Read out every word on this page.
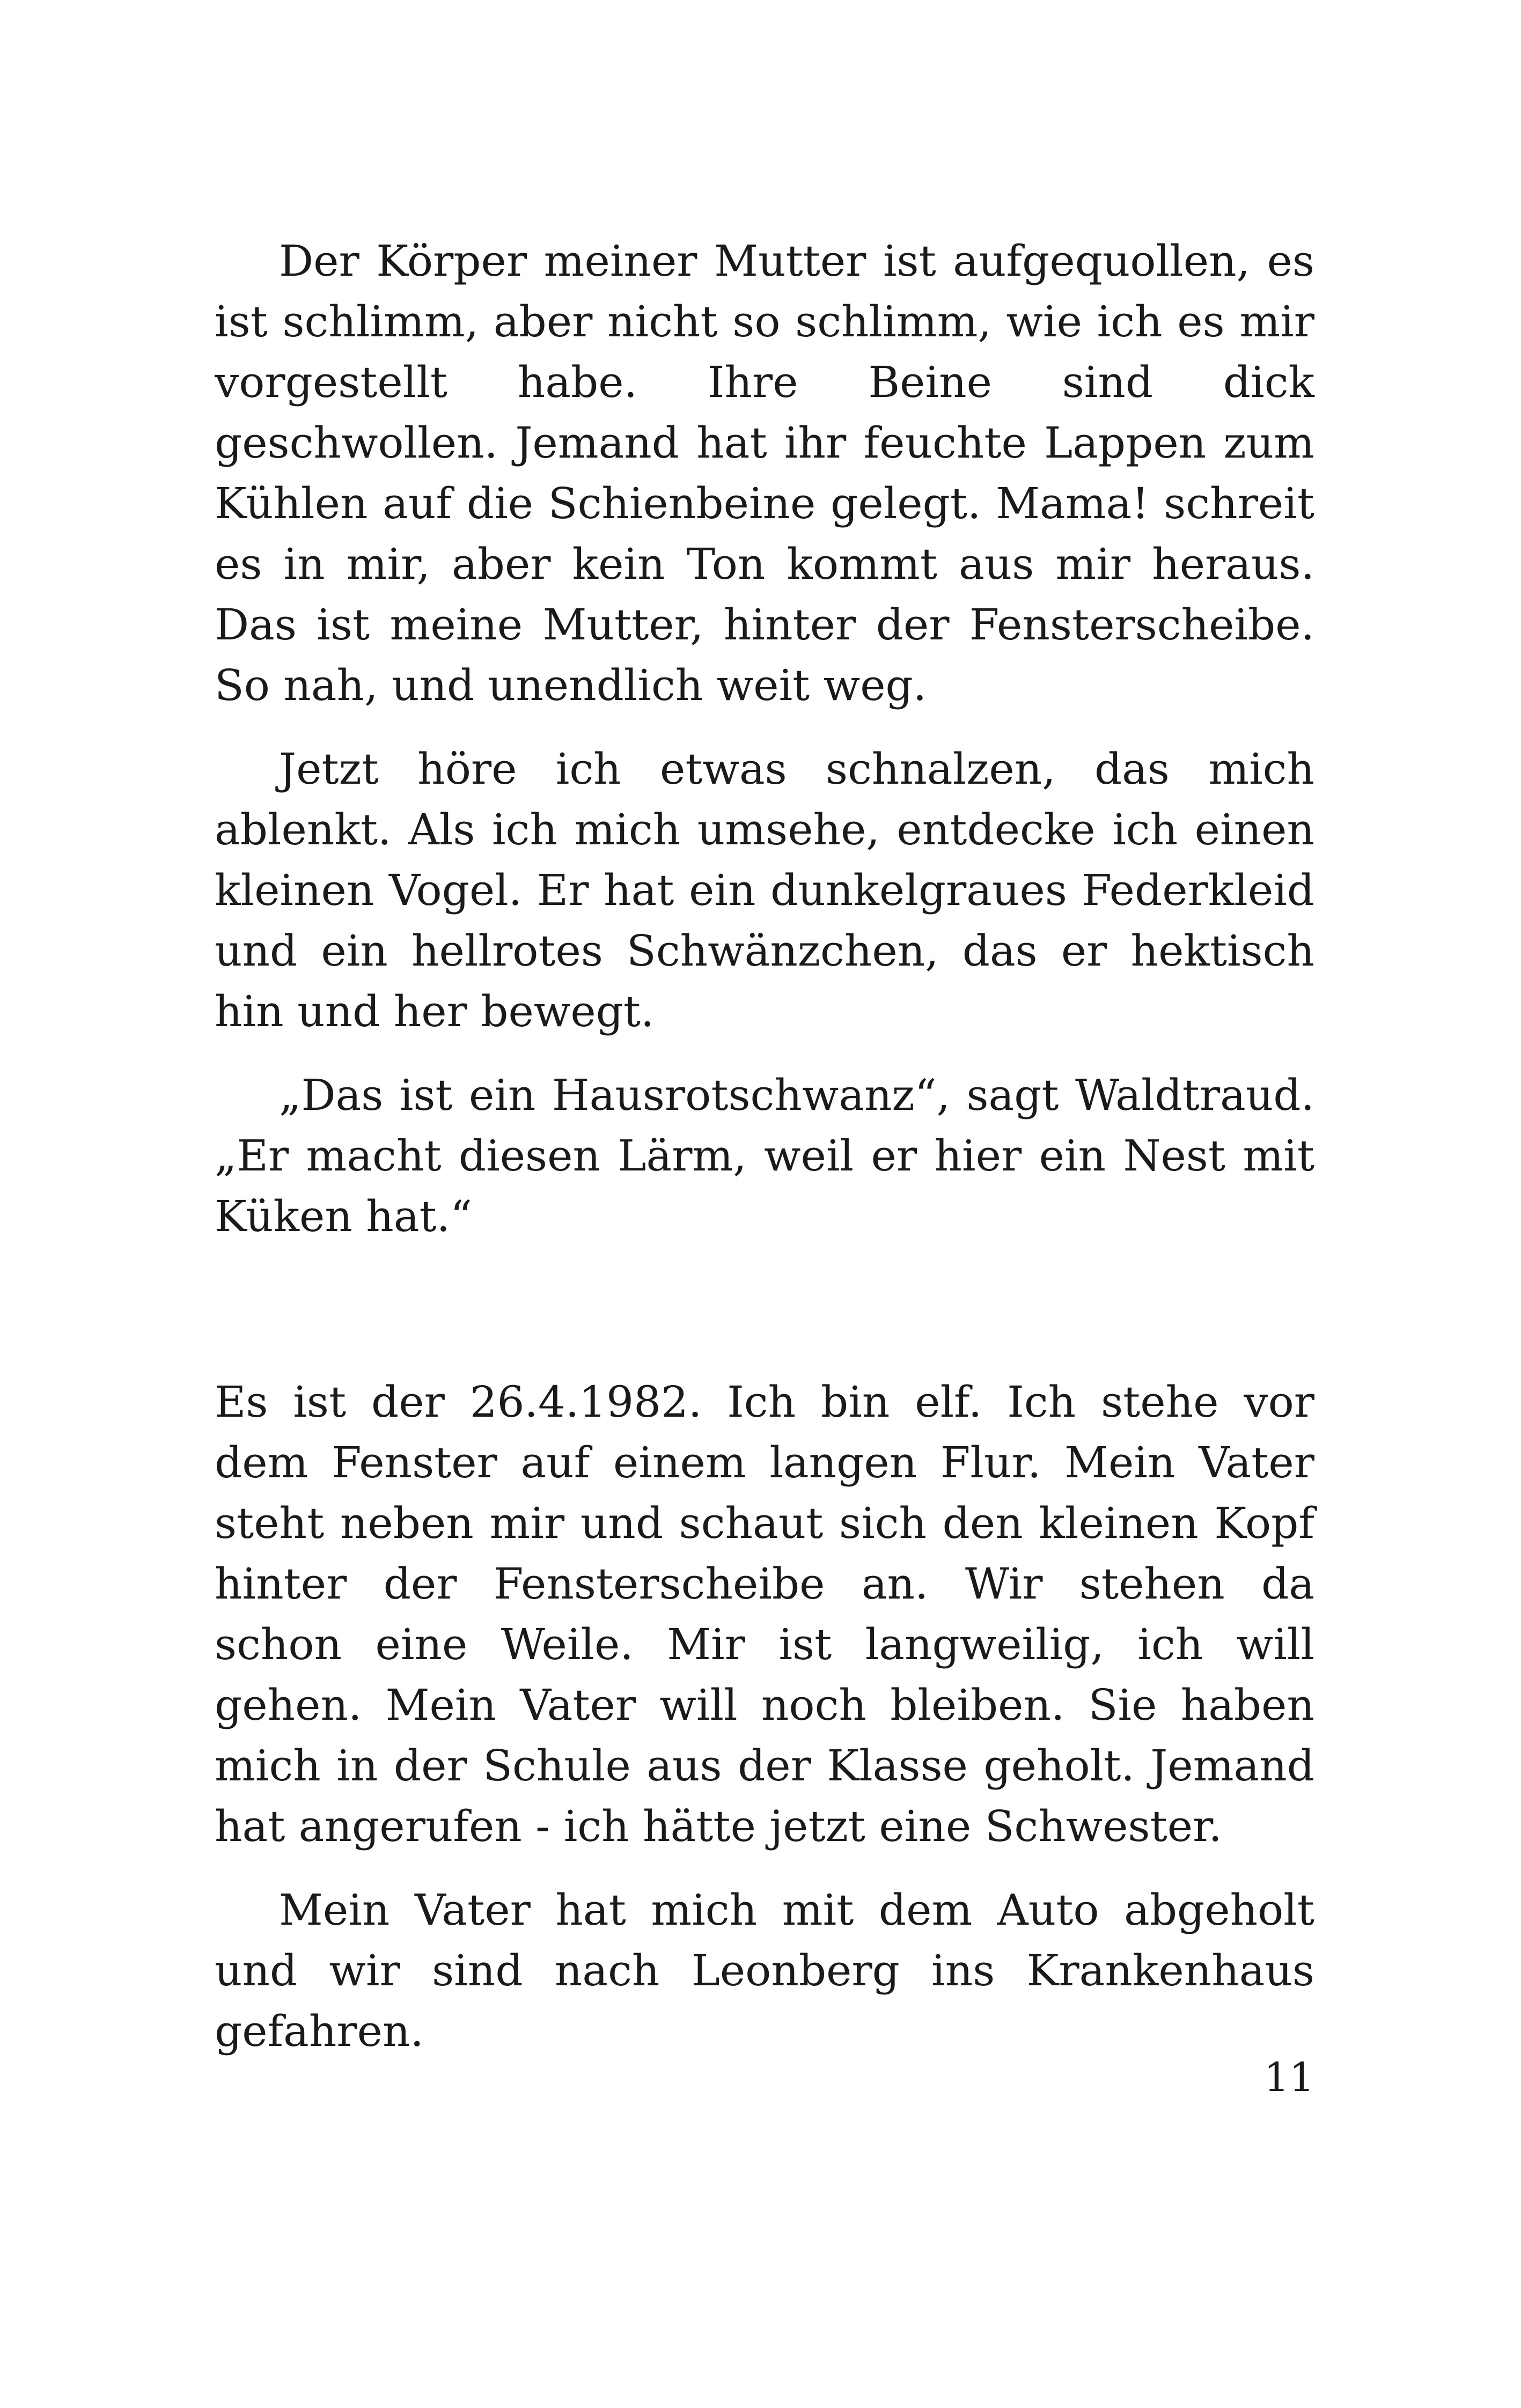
Der Körper meiner Mutter ist aufgequollen, es ist schlimm, aber nicht so schlimm, wie ich es mir vorgestellt habe. Ihre Beine sind dick geschwollen. Jemand hat ihr feuchte Lappen zum Kühlen auf die Schienbeine gelegt. Mama! schreit es in mir, aber kein Ton kommt aus mir heraus. Das ist meine Mutter, hinter der Fensterscheibe. So nah, und unendlich weit weg.

Jetzt höre ich etwas schnalzen, das mich ablenkt. Als ich mich umsehe, entdecke ich einen kleinen Vogel. Er hat ein dunkelgraues Federkleid und ein hellrotes Schwänzchen, das er hektisch hin und her bewegt.

„Das ist ein Hausrotschwanz“, sagt Waldtraud. „Er macht diesen Lärm, weil er hier ein Nest mit Küken hat.“

Es ist der 26.4.1982. Ich bin elf. Ich stehe vor dem Fenster auf einem langen Flur. Mein Vater steht neben mir und schaut sich den kleinen Kopf hinter der Fensterscheibe an. Wir stehen da schon eine Weile. Mir ist langweilig, ich will gehen. Mein Vater will noch bleiben. Sie haben mich in der Schule aus der Klasse geholt. Jemand hat angerufen - ich hätte jetzt eine Schwester.

Mein Vater hat mich mit dem Auto abgeholt und wir sind nach Leonberg ins Krankenhaus gefahren.

11
